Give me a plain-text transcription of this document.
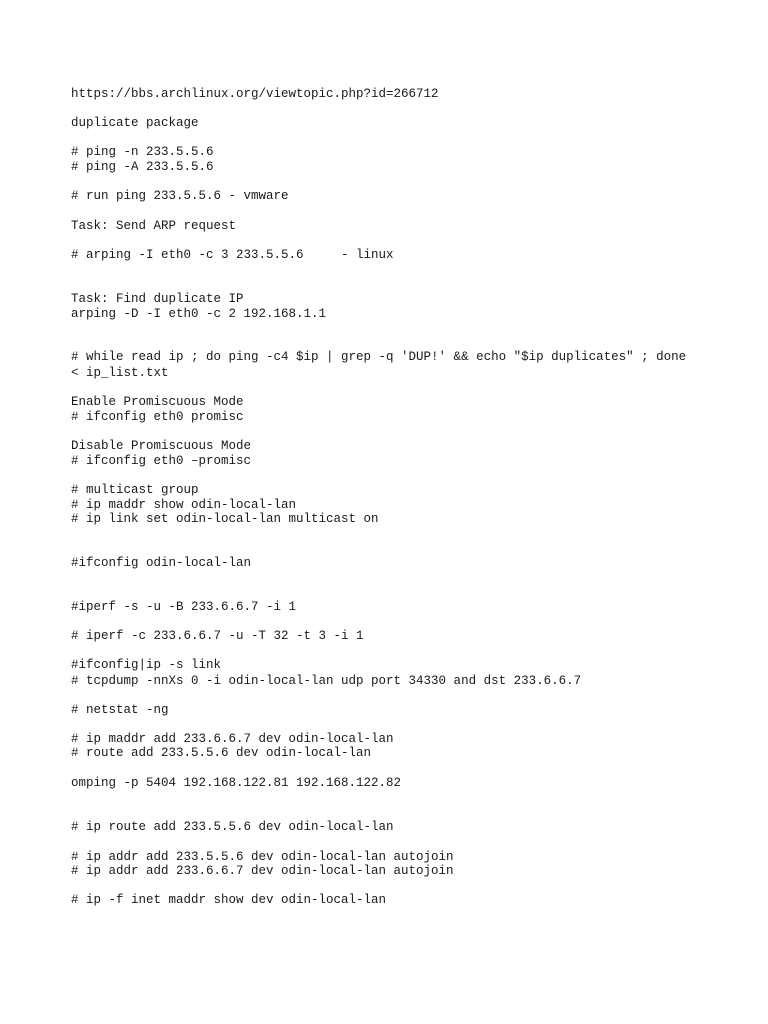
https://bbs.archlinux.org/viewtopic.php?id=266712

duplicate package

# ping -n 233.5.5.6

# ping -A 233.5.5.6

# run ping 233.5.5.6 - vmware

Task: Send ARP request

# arping -I eth0 -c 3 233.5.5.6     - linux

Task: Find duplicate IP

arping -D -I eth0 -c 2 192.168.1.1

# while read ip ; do ping -c4 $ip | grep -q 'DUP!' && echo "$ip duplicates" ; done

< ip_list.txt

Enable Promiscuous Mode

# ifconfig eth0 promisc

Disable Promiscuous Mode

# ifconfig eth0 –promisc

# multicast group

# ip maddr show odin-local-lan

# ip link set odin-local-lan multicast on

#ifconfig odin-local-lan

#iperf -s -u -B 233.6.6.7 -i 1

# iperf -c 233.6.6.7 -u -T 32 -t 3 -i 1

#ifconfig|ip -s link

# tcpdump -nnXs 0 -i odin-local-lan udp port 34330 and dst 233.6.6.7

# netstat -ng

# ip maddr add 233.6.6.7 dev odin-local-lan

# route add 233.5.5.6 dev odin-local-lan

omping -p 5404 192.168.122.81 192.168.122.82

# ip route add 233.5.5.6 dev odin-local-lan

# ip addr add 233.5.5.6 dev odin-local-lan autojoin

# ip addr add 233.6.6.7 dev odin-local-lan autojoin

# ip -f inet maddr show dev odin-local-lan
